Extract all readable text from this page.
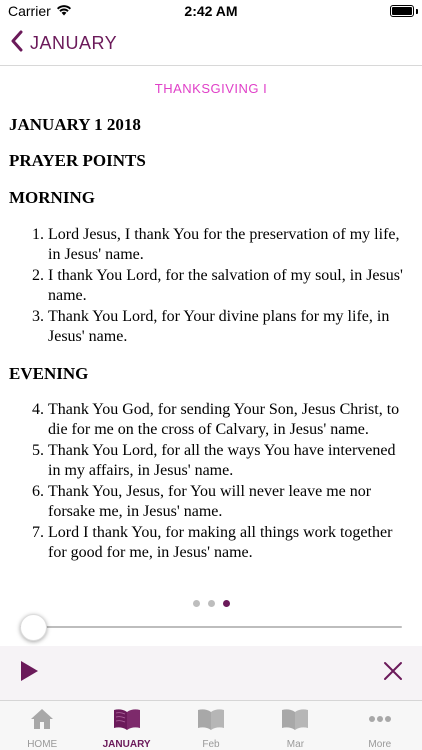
Carrier	2:42 AM
JANUARY
THANKSGIVING I
JANUARY 1 2018
PRAYER POINTS
MORNING
1. Lord Jesus, I thank You for the preservation of my life, in Jesus' name.
2. I thank You Lord, for the salvation of my soul, in Jesus' name.
3. Thank You Lord, for Your divine plans for my life, in Jesus' name.
EVENING
4. Thank You God, for sending Your Son, Jesus Christ, to die for me on the cross of Calvary, in Jesus' name.
5. Thank You Lord, for all the ways You have intervened in my affairs, in Jesus' name.
6. Thank You, Jesus, for You will never leave me nor forsake me, in Jesus' name.
7. Lord I thank You, for making all things work together for good for me, in Jesus' name.
HOME	JANUARY	Feb	Mar	More
